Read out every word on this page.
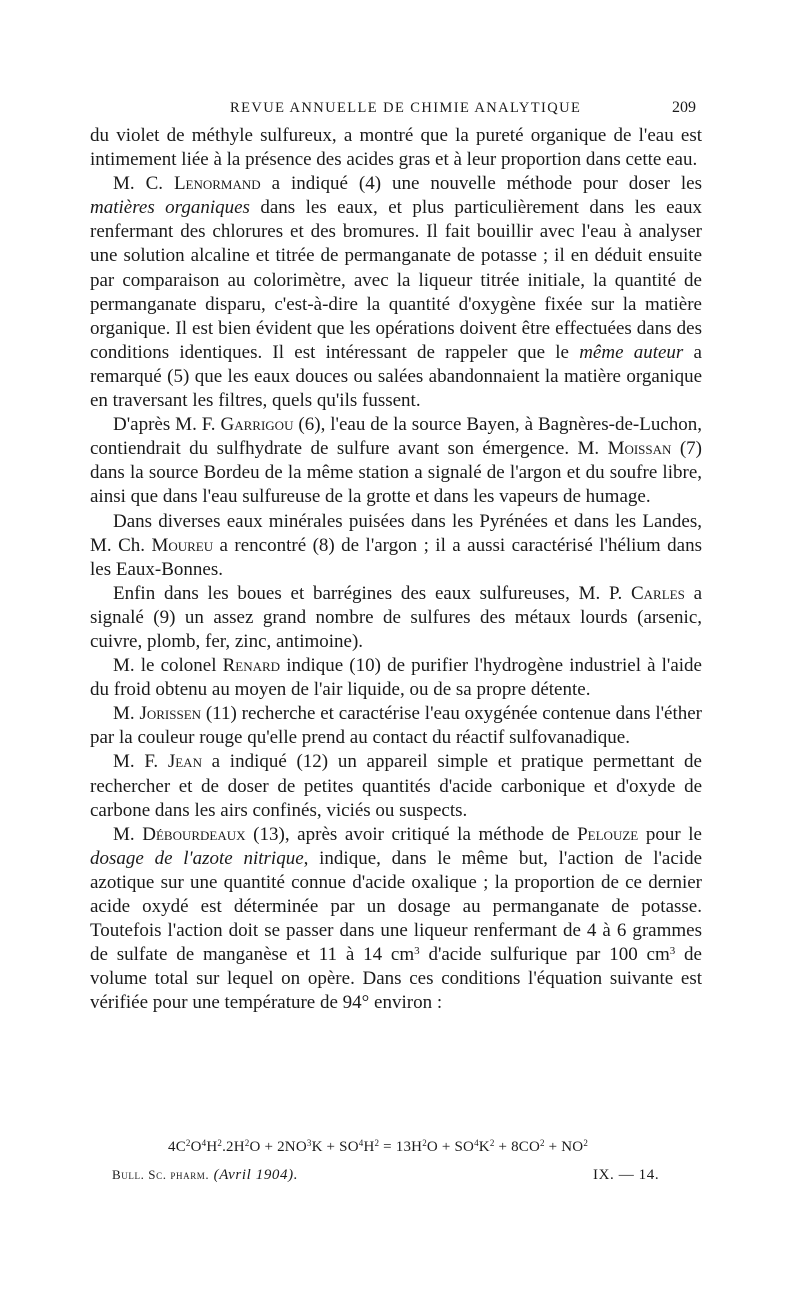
REVUE ANNUELLE DE CHIMIE ANALYTIQUE	209

du violet de méthyle sulfureux, a montré que la pureté organique de l'eau est intimement liée à la présence des acides gras et à leur proportion dans cette eau.

M. C. Lenormand a indiqué (4) une nouvelle méthode pour doser les matières organiques dans les eaux, et plus particulièrement dans les eaux renfermant des chlorures et des bromures. Il fait bouillir avec l'eau à analyser une solution alcaline et titrée de permanganate de potasse ; il en déduit ensuite par comparaison au colorimètre, avec la liqueur titrée initiale, la quantité de permanganate disparu, c'est-à-dire la quantité d'oxygène fixée sur la matière organique. Il est bien évident que les opérations doivent être effectuées dans des conditions identiques. Il est intéressant de rappeler que le même auteur a remarqué (5) que les eaux douces ou salées abandonnaient la matière organique en traversant les filtres, quels qu'ils fussent.

D'après M. F. Garrigou (6), l'eau de la source Bayen, à Bagnères-de-Luchon, contiendrait du sulfhydrate de sulfure avant son émergence. M. Moissan (7) dans la source Bordeu de la même station a signalé de l'argon et du soufre libre, ainsi que dans l'eau sulfureuse de la grotte et dans les vapeurs de humage.

Dans diverses eaux minérales puisées dans les Pyrénées et dans les Landes, M. Ch. Moureu a rencontré (8) de l'argon ; il a aussi caractérisé l'hélium dans les Eaux-Bonnes.

Enfin dans les boues et barrégines des eaux sulfureuses, M. P. Carles a signalé (9) un assez grand nombre de sulfures des métaux lourds (arsenic, cuivre, plomb, fer, zinc, antimoine).

M. le colonel Renard indique (10) de purifier l'hydrogène industriel à l'aide du froid obtenu au moyen de l'air liquide, ou de sa propre détente.

M. Jorissen (11) recherche et caractérise l'eau oxygénée contenue dans l'éther par la couleur rouge qu'elle prend au contact du réactif sulfovanadique.

M. F. Jean a indiqué (12) un appareil simple et pratique permettant de rechercher et de doser de petites quantités d'acide carbonique et d'oxyde de carbone dans les airs confinés, viciés ou suspects.

M. Débourdeaux (13), après avoir critiqué la méthode de Pelouze pour le dosage de l'azote nitrique, indique, dans le même but, l'action de l'acide azotique sur une quantité connue d'acide oxalique ; la proportion de ce dernier acide oxydé est déterminée par un dosage au permanganate de potasse. Toutefois l'action doit se passer dans une liqueur renfermant de 4 à 6 grammes de sulfate de manganèse et 11 à 14 $cm^3$ d'acide sulfurique par 100 $cm^3$ de volume total sur lequel on opère. Dans ces conditions l'équation suivante est vérifiée pour une température de 94° environ :

$4C^2O^4H^2.2H^2O + 2NO^3K + SO^4H^2 = 13H^2O + SO^4K^2 + 8CO^2 + NO^2$
Bull. Sc. pharm. (Avril 1904).	IX. — 14.
